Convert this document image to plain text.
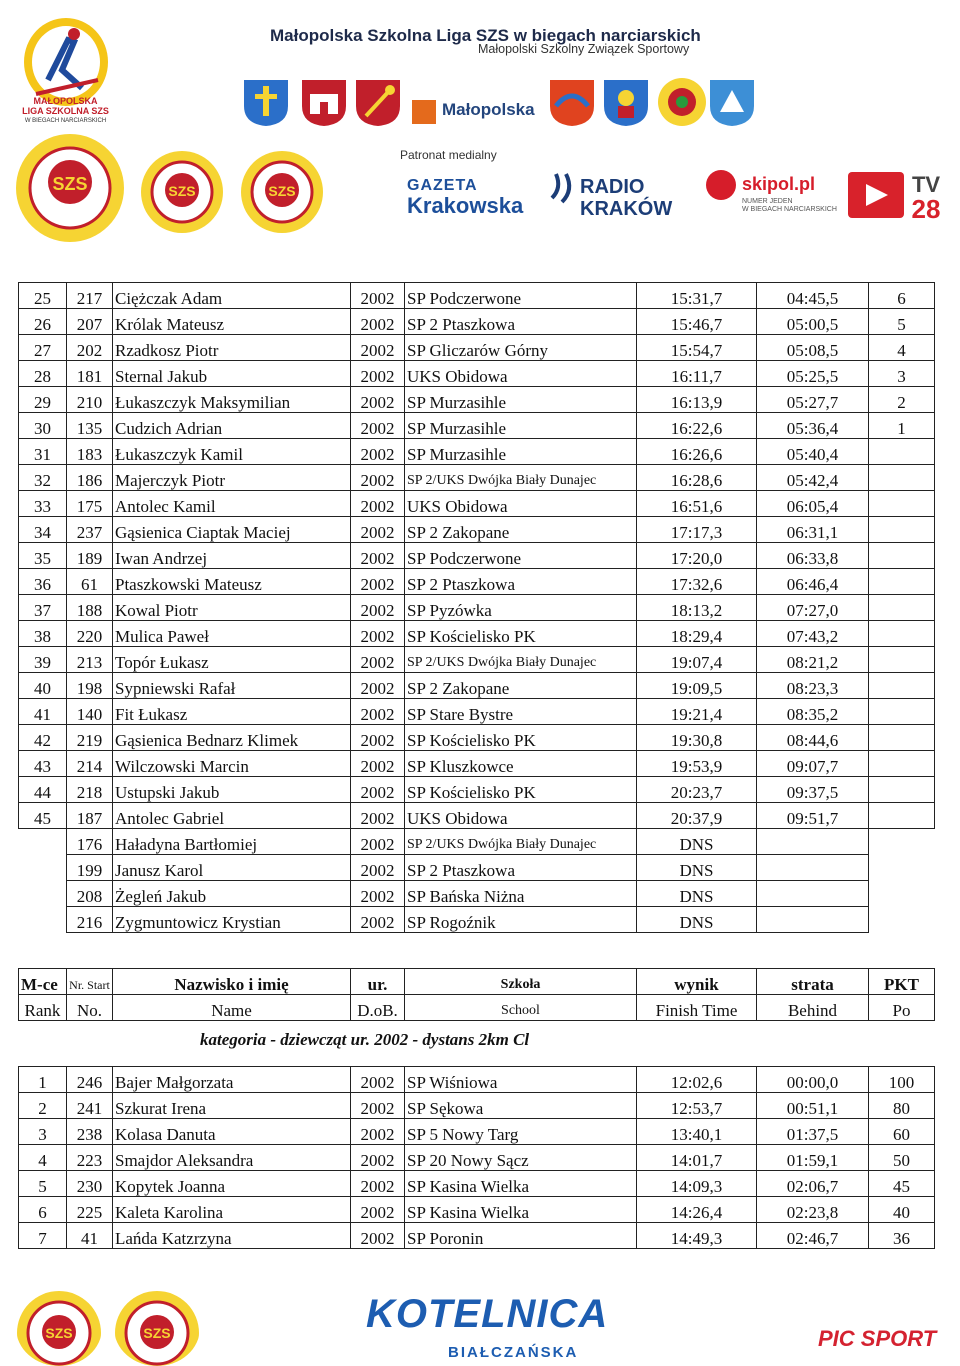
MAŁOPOLSKA
LIGA SZKOLNA SZS
W BIEGACH NARCIARSKICH
SZS	SZS	SZS
Małopolska Szkolna Liga SZS w biegach narciarskich
Małopolski Szkolny Związek Sportowy
Małopolska
Patronat medialny
GAZETA
Krakowska
RADIO
KRAKÓW
skipol.pl
NUMER JEDEN
W BIEGACH NARCIARSKICH
TV
28
25	217	Ciężczak Adam	2002	SP Podczerwone	15:31,7	04:45,5	6
26	207	Królak Mateusz	2002	SP 2 Ptaszkowa	15:46,7	05:00,5	5
27	202	Rzadkosz Piotr	2002	SP Gliczarów Górny	15:54,7	05:08,5	4
28	181	Sternal Jakub	2002	UKS Obidowa	16:11,7	05:25,5	3
29	210	Łukaszczyk Maksymilian	2002	SP Murzasihle	16:13,9	05:27,7	2
30	135	Cudzich Adrian	2002	SP Murzasihle	16:22,6	05:36,4	1
31	183	Łukaszczyk Kamil	2002	SP Murzasihle	16:26,6	05:40,4	
32	186	Majerczyk Piotr	2002	SP 2/UKS Dwójka Biały Dunajec	16:28,6	05:42,4	
33	175	Antolec Kamil	2002	UKS Obidowa	16:51,6	06:05,4	
34	237	Gąsienica Ciaptak Maciej	2002	SP 2 Zakopane	17:17,3	06:31,1	
35	189	Iwan Andrzej	2002	SP Podczerwone	17:20,0	06:33,8	
36	61	Ptaszkowski Mateusz	2002	SP 2 Ptaszkowa	17:32,6	06:46,4	
37	188	Kowal Piotr	2002	SP Pyzówka	18:13,2	07:27,0	
38	220	Mulica Paweł	2002	SP Kościelisko PK	18:29,4	07:43,2	
39	213	Topór Łukasz	2002	SP 2/UKS Dwójka Biały Dunajec	19:07,4	08:21,2	
40	198	Sypniewski Rafał	2002	SP 2 Zakopane	19:09,5	08:23,3	
41	140	Fit Łukasz	2002	SP Stare Bystre	19:21,4	08:35,2	
42	219	Gąsienica Bednarz Klimek	2002	SP Kościelisko PK	19:30,8	08:44,6	
43	214	Wilczowski Marcin	2002	SP Kluszkowce	19:53,9	09:07,7	
44	218	Ustupski Jakub	2002	SP Kościelisko PK	20:23,7	09:37,5	
45	187	Antolec Gabriel	2002	UKS Obidowa	20:37,9	09:51,7	
	176	Haładyna Bartłomiej	2002	SP 2/UKS Dwójka Biały Dunajec	DNS		
	199	Janusz Karol	2002	SP 2 Ptaszkowa	DNS		
	208	Żegleń Jakub	2002	SP Bańska Niżna	DNS		
	216	Zygmuntowicz Krystian	2002	SP Rogoźnik	DNS		
M-ce	Nr. Start	Nazwisko i imię	ur.	Szkoła	wynik	strata	PKT
Rank	No.	Name	D.oB.	School	Finish Time	Behind	Po
kategoria - dziewcząt ur. 2002 - dystans 2km Cl
1	246	Bajer Małgorzata	2002	SP Wiśniowa	12:02,6	00:00,0	100
2	241	Szkurat Irena	2002	SP Sękowa	12:53,7	00:51,1	80
3	238	Kolasa Danuta	2002	SP 5 Nowy Targ	13:40,1	01:37,5	60
4	223	Smajdor Aleksandra	2002	SP 20 Nowy Sącz	14:01,7	01:59,1	50
5	230	Kopytek Joanna	2002	SP Kasina Wielka	14:09,3	02:06,7	45
6	225	Kaleta Karolina	2002	SP Kasina Wielka	14:26,4	02:23,8	40
7	41	Lańda Katzrzyna	2002	SP Poronin	14:49,3	02:46,7	36
SZS	SZS	KOTELNICA
BIAŁCZAŃSKA
PIC SPORT
